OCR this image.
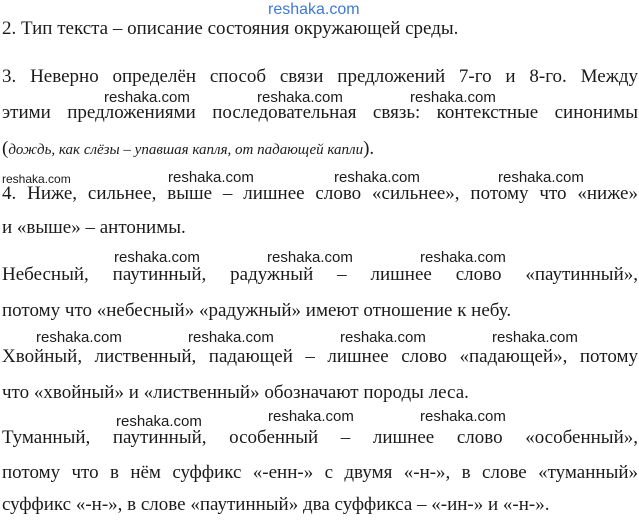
reshaka.com
2. Тип текста – описание состояния окружающей среды.
3. Неверно определён способ связи предложений 7-го и 8-го. Между
reshaka.com	reshaka.com	reshaka.com
этими предложениями последовательная связь: контекстные синонимы
(дождь, как слёзы – упавшая капля, от падающей капли).
reshaka.com	reshaka.com	reshaka.com	reshaka.com
4. Ниже, сильнее, выше – лишнее слово «сильнее», потому что «ниже»
и «выше» – антонимы.
reshaka.com	reshaka.com	reshaka.com
Небесный, паутинный, радужный – лишнее слово «паутинный»,
потому что «небесный» «радужный» имеют отношение к небу.
reshaka.com	reshaka.com	reshaka.com	reshaka.com
Хвойный, лиственный, падающей – лишнее слово «падающей», потому
что «хвойный» и «лиственный» обозначают породы леса.
reshaka.com	reshaka.com
reshaka.com
Туманный, паутинный, особенный – лишнее слово «особенный»,
потому что в нём суффикс «-енн-» с двумя «-н-», в слове «туманный»
суффикс «-н-», в слове «паутинный» два суффикса – «-ин-» и «-н-».
